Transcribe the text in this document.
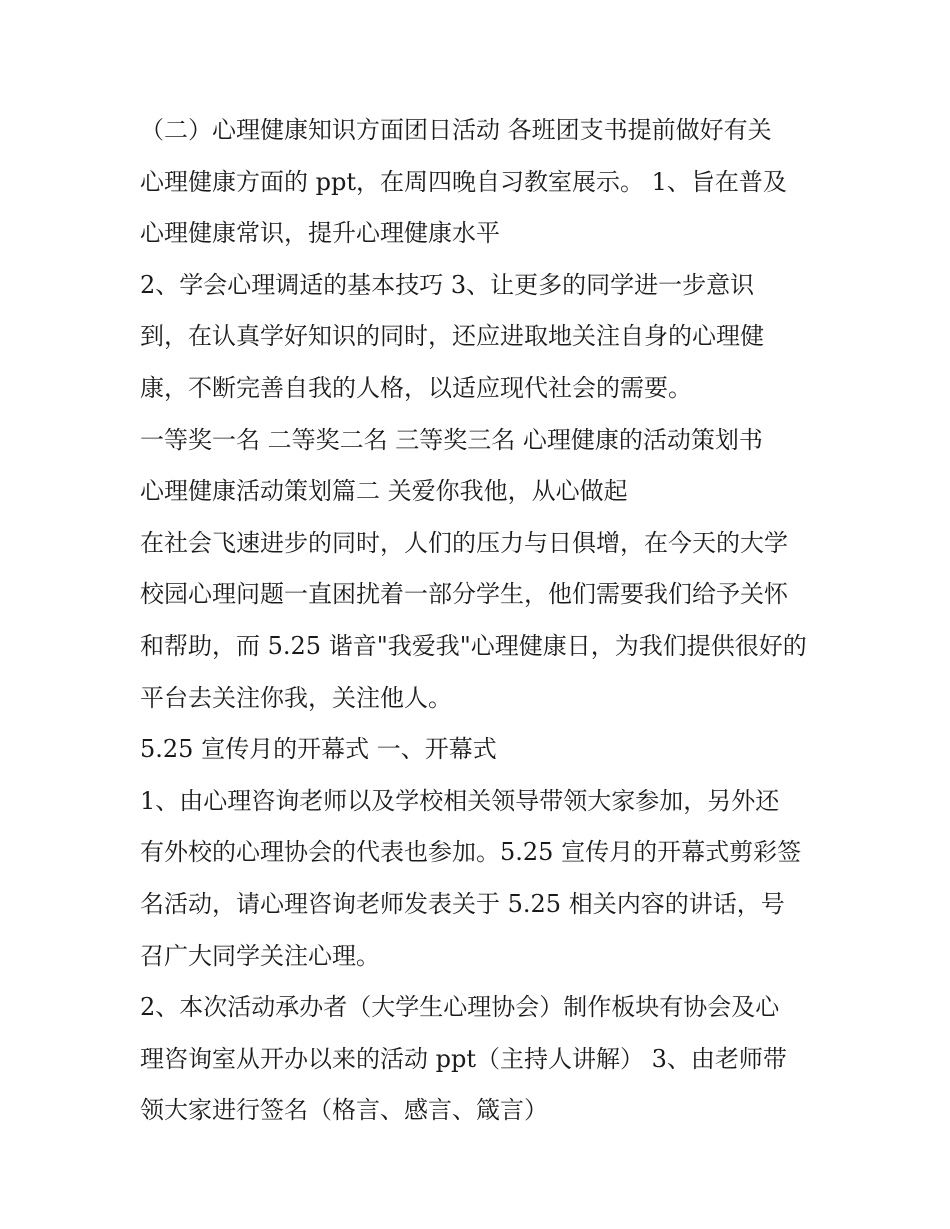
（二）心理健康知识方面团日活动 各班团支书提前做好有关
心理健康方面的 ppt，在周四晚自习教室展示。 1、旨在普及
心理健康常识，提升心理健康水平
2、学会心理调适的基本技巧 3、让更多的同学进一步意识
到，在认真学好知识的同时，还应进取地关注自身的心理健
康，不断完善自我的人格，以适应现代社会的需要。
一等奖一名 二等奖二名 三等奖三名 心理健康的活动策划书
心理健康活动策划篇二 关爱你我他，从心做起
在社会飞速进步的同时，人们的压力与日俱增，在今天的大学
校园心理问题一直困扰着一部分学生，他们需要我们给予关怀
和帮助，而 5.25 谐音"我爱我"心理健康日，为我们提供很好的
平台去关注你我，关注他人。
5.25 宣传月的开幕式 一、开幕式
1、由心理咨询老师以及学校相关领导带领大家参加，另外还
有外校的心理协会的代表也参加。5.25 宣传月的开幕式剪彩签
名活动，请心理咨询老师发表关于 5.25 相关内容的讲话，号
召广大同学关注心理。
2、本次活动承办者（大学生心理协会）制作板块有协会及心
理咨询室从开办以来的活动 ppt（主持人讲解） 3、由老师带
领大家进行签名（格言、感言、箴言）
